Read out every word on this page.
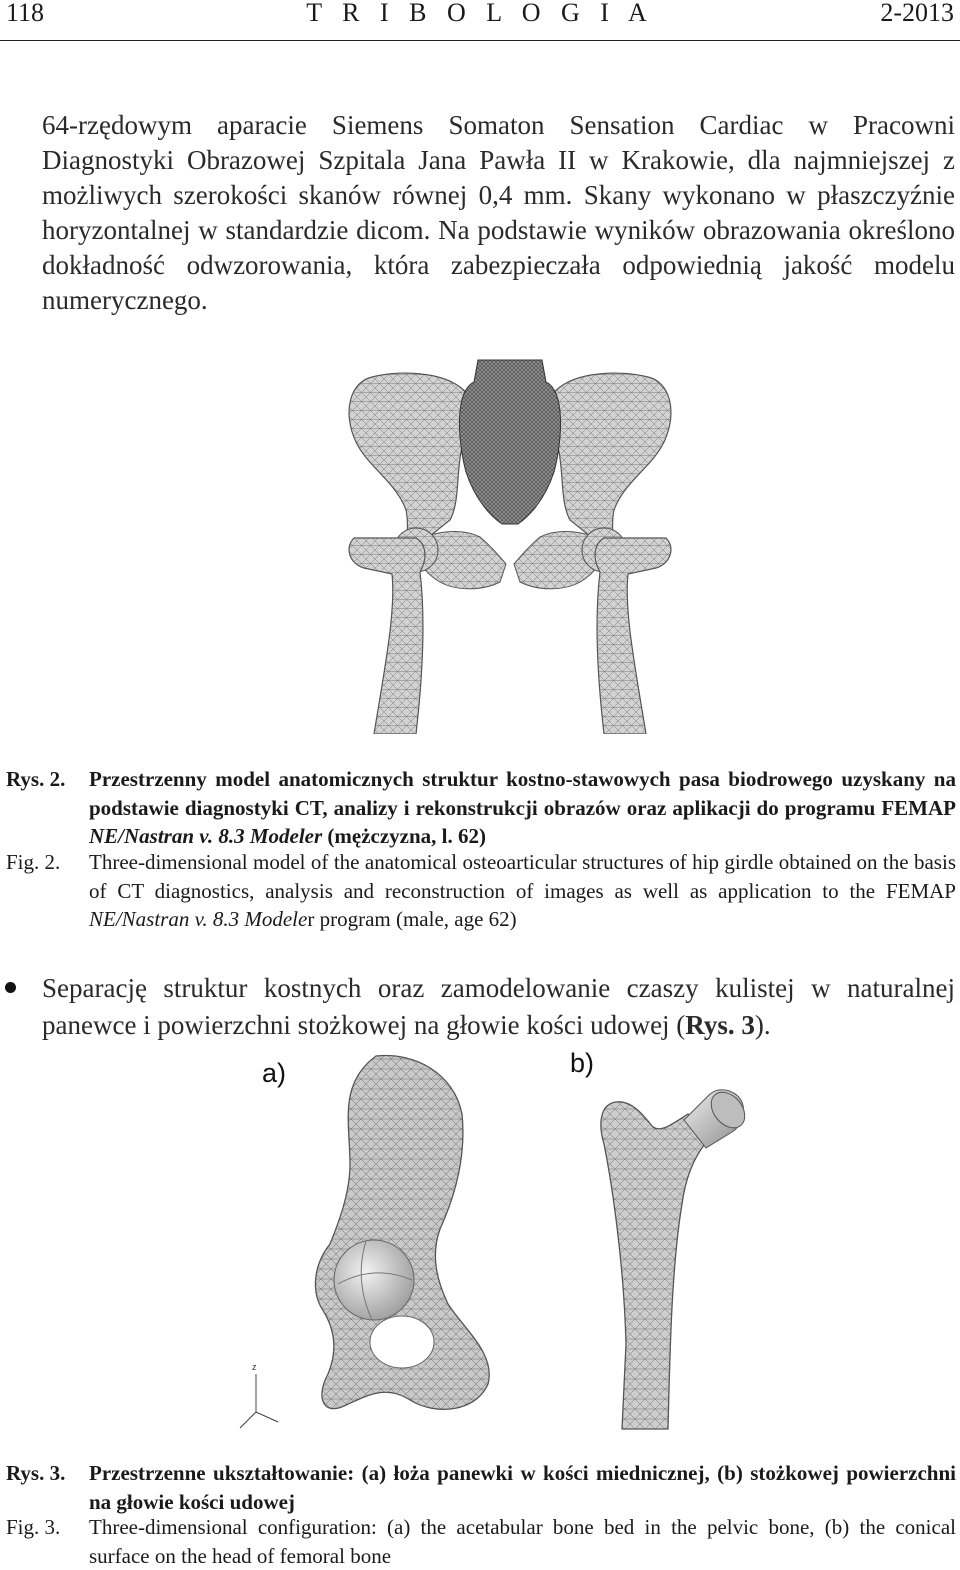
118	T R I B O L O G I A	2-2013
64-rzędowym aparacie Siemens Somaton Sensation Cardiac w Pracowni Diagnostyki Obrazowej Szpitala Jana Pawła II w Krakowie, dla najmniejszej z możliwych szerokości skanów równej 0,4 mm. Skany wykonano w płaszczyźnie horyzontalnej w standardzie dicom. Na podstawie wyników obrazowania określono dokładność odwzorowania, która zabezpieczała odpowiednią jakość modelu numerycznego.
Rys. 2. Przestrzenny model anatomicznych struktur kostno-stawowych pasa biodrowego uzyskany na podstawie diagnostyki CT, analizy i rekonstrukcji obrazów oraz aplikacji do programu FEMAP NE/Nastran v. 8.3 Modeler (mężczyzna, l. 62)
Fig. 2. Three-dimensional model of the anatomical osteoarticular structures of hip girdle obtained on the basis of CT diagnostics, analysis and reconstruction of images as well as application to the FEMAP NE/Nastran v. 8.3 Modeler program (male, age 62)
Separację struktur kostnych oraz zamodelowanie czaszy kulistej w naturalnej panewce i powierzchni stożkowej na głowie kości udowej (Rys. 3).
a)	b)
z
Rys. 3. Przestrzenne ukształtowanie: (a) łoża panewki w kości miednicznej, (b) stożkowej powierzchni na głowie kości udowej
Fig. 3. Three-dimensional configuration: (a) the acetabular bone bed in the pelvic bone, (b) the conical surface on the head of femoral bone
